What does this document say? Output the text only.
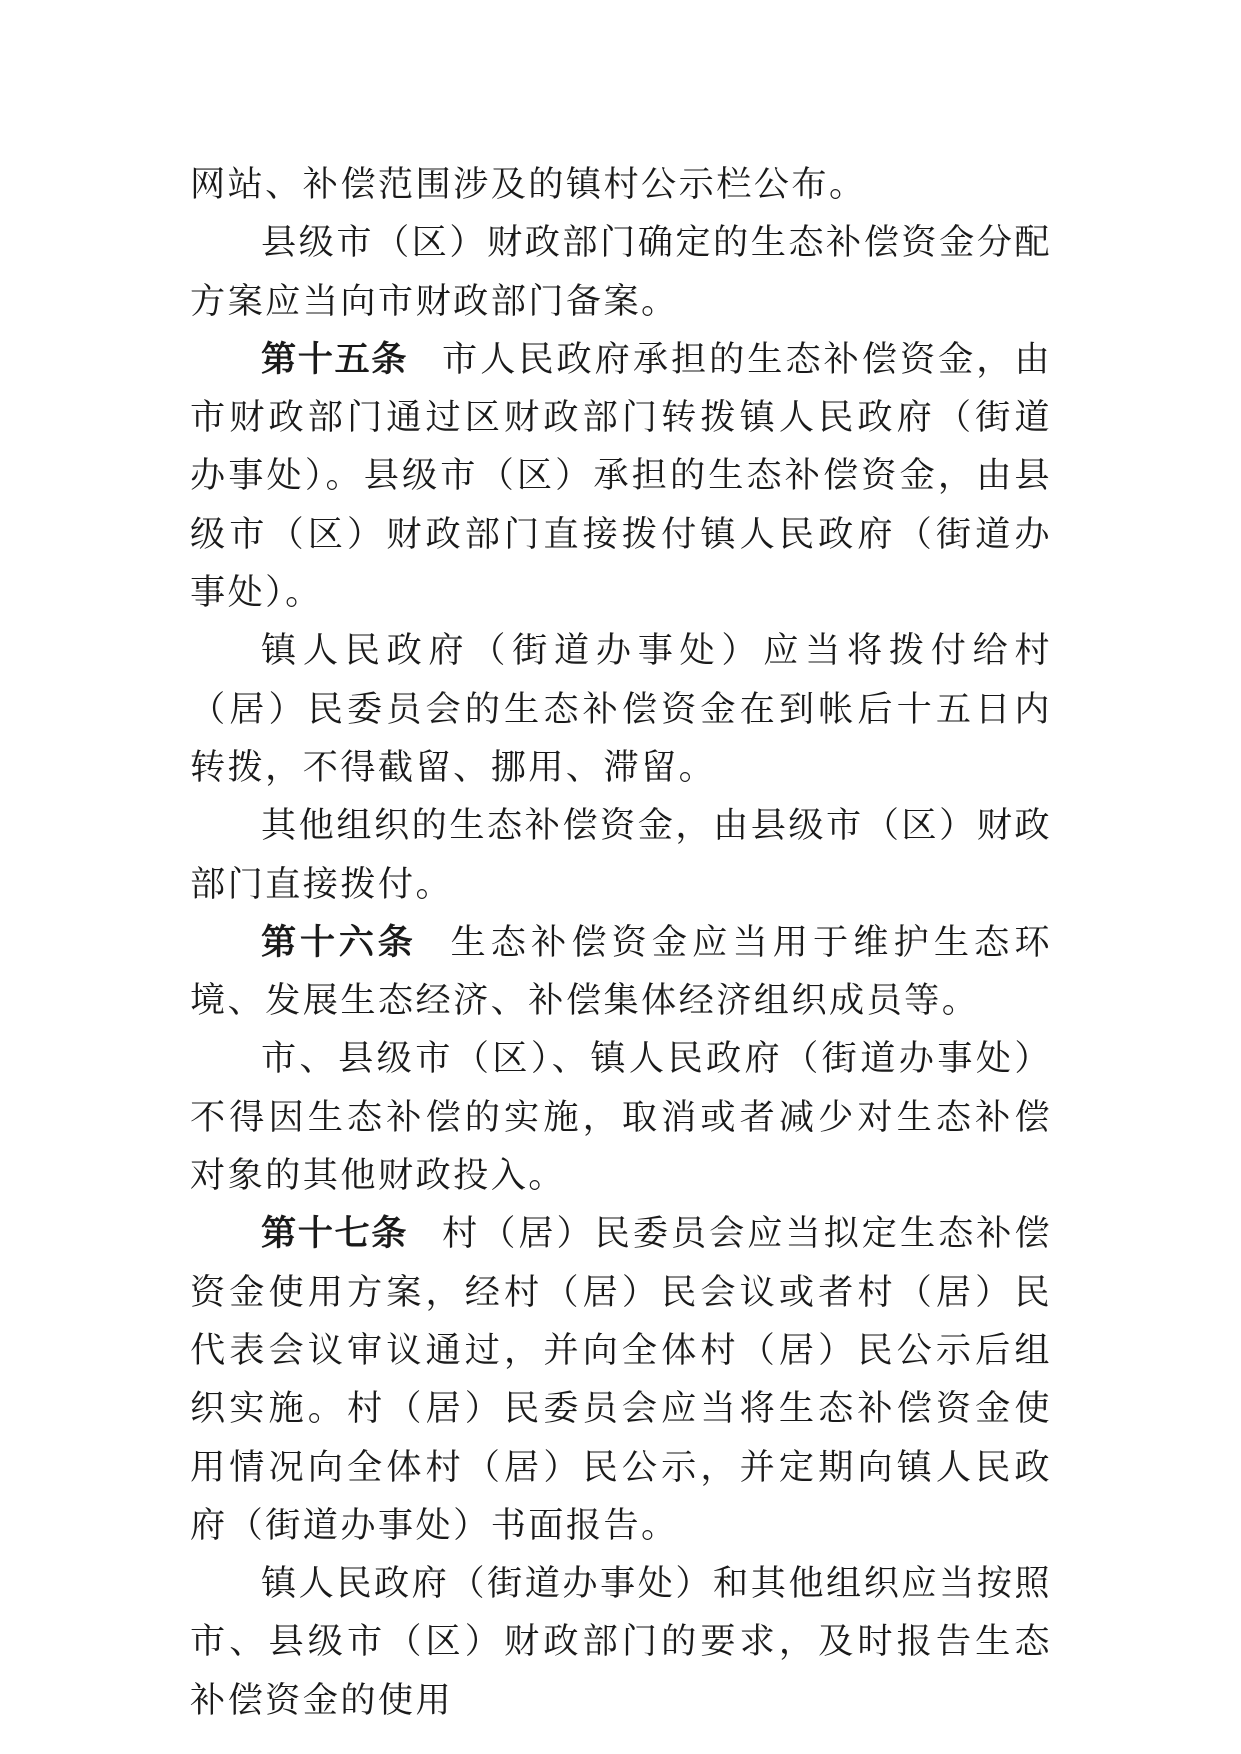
网站、补偿范围涉及的镇村公示栏公布。

县级市（区）财政部门确定的生态补偿资金分配方案应当向市财政部门备案。

第十五条 市人民政府承担的生态补偿资金，由市财政部门通过区财政部门转拨镇人民政府（街道办事处）。县级市（区）承担的生态补偿资金，由县级市（区）财政部门直接拨付镇人民政府（街道办事处）。

镇人民政府（街道办事处）应当将拨付给村（居）民委员会的生态补偿资金在到帐后十五日内转拨，不得截留、挪用、滞留。

其他组织的生态补偿资金，由县级市（区）财政部门直接拨付。

第十六条 生态补偿资金应当用于维护生态环境、发展生态经济、补偿集体经济组织成员等。

市、县级市（区）、镇人民政府（街道办事处）不得因生态补偿的实施，取消或者减少对生态补偿对象的其他财政投入。

第十七条 村（居）民委员会应当拟定生态补偿资金使用方案，经村（居）民会议或者村（居）民代表会议审议通过，并向全体村（居）民公示后组织实施。村（居）民委员会应当将生态补偿资金使用情况向全体村（居）民公示，并定期向镇人民政府（街道办事处）书面报告。

镇人民政府（街道办事处）和其他组织应当按照市、县级市（区）财政部门的要求，及时报告生态补偿资金的使用
